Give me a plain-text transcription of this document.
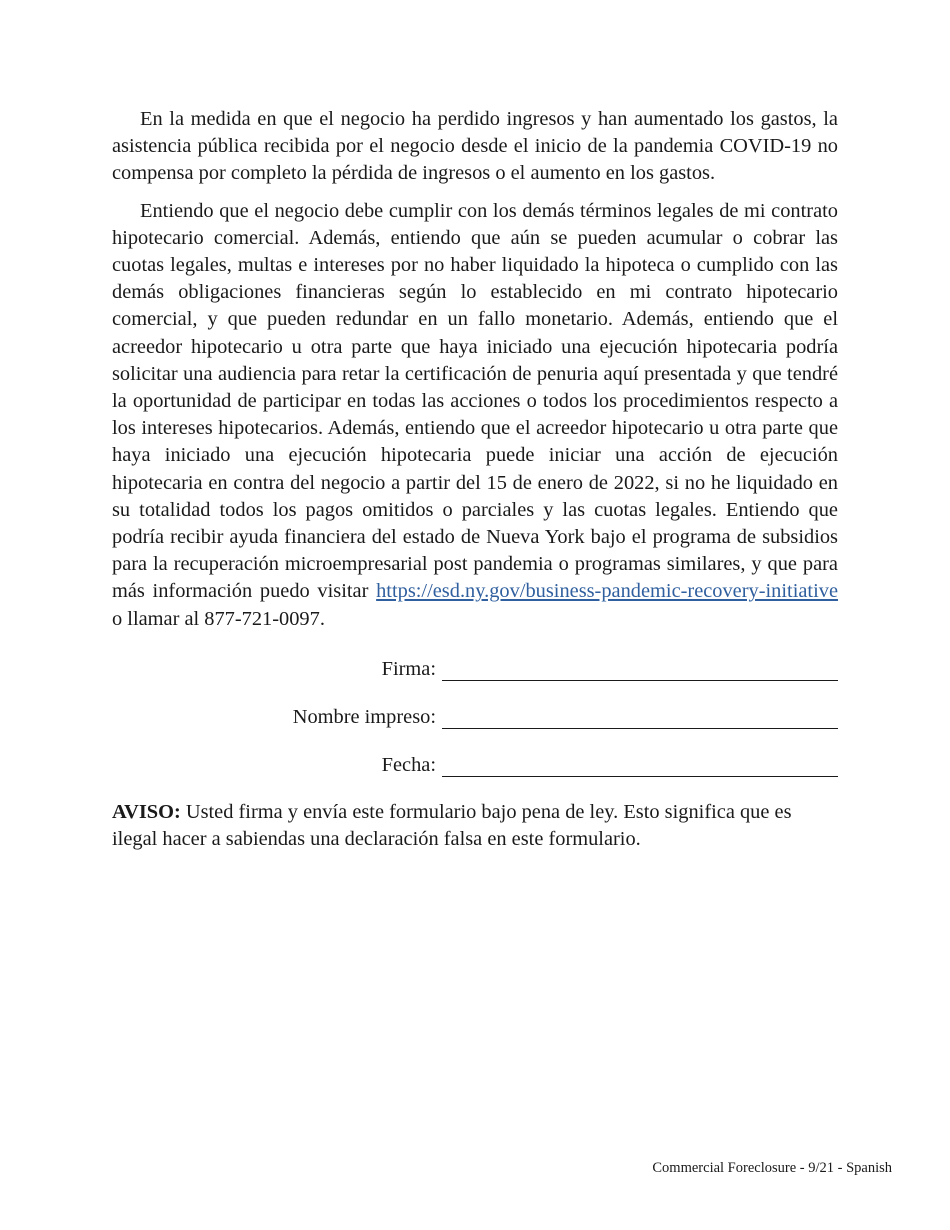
En la medida en que el negocio ha perdido ingresos y han aumentado los gastos, la asistencia pública recibida por el negocio desde el inicio de la pandemia COVID-19 no compensa por completo la pérdida de ingresos o el aumento en los gastos.

Entiendo que el negocio debe cumplir con los demás términos legales de mi contrato hipotecario comercial. Además, entiendo que aún se pueden acumular o cobrar las cuotas legales, multas e intereses por no haber liquidado la hipoteca o cumplido con las demás obligaciones financieras según lo establecido en mi contrato hipotecario comercial, y que pueden redundar en un fallo monetario. Además, entiendo que el acreedor hipotecario u otra parte que haya iniciado una ejecución hipotecaria podría solicitar una audiencia para retar la certificación de penuria aquí presentada y que tendré la oportunidad de participar en todas las acciones o todos los procedimientos respecto a los intereses hipotecarios. Además, entiendo que el acreedor hipotecario u otra parte que haya iniciado una ejecución hipotecaria puede iniciar una acción de ejecución hipotecaria en contra del negocio a partir del 15 de enero de 2022, si no he liquidado en su totalidad todos los pagos omitidos o parciales y las cuotas legales. Entiendo que podría recibir ayuda financiera del estado de Nueva York bajo el programa de subsidios para la recuperación microempresarial post pandemia o programas similares, y que para más información puedo visitar https://esd.ny.gov/business-pandemic-recovery-initiative o llamar al 877-721-0097.

Firma:
Nombre impreso:
Fecha:

AVISO: Usted firma y envía este formulario bajo pena de ley. Esto significa que es ilegal hacer a sabiendas una declaración falsa en este formulario.

Commercial Foreclosure - 9/21 - Spanish
